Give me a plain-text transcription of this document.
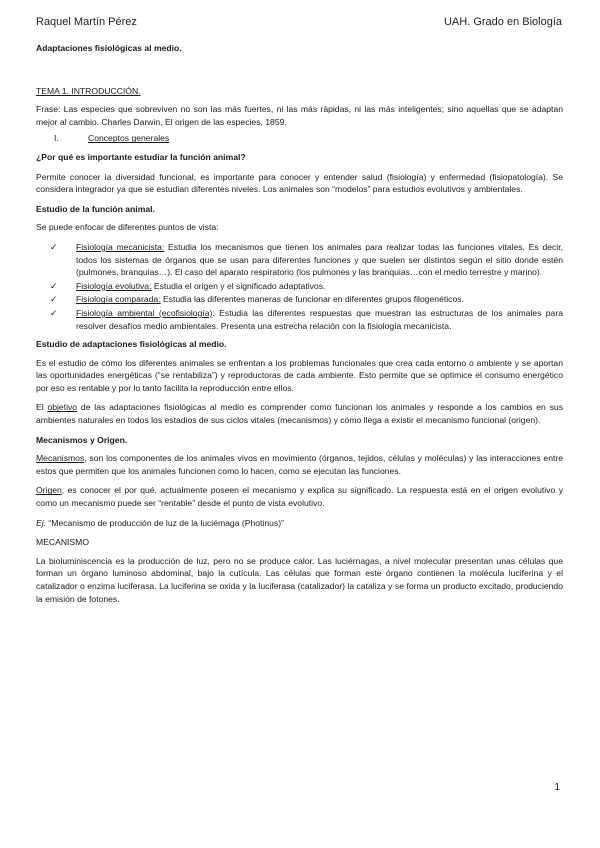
Raquel Martín Pérez	UAH. Grado en Biología

Adaptaciones fisiológicas al medio.

TEMA 1. INTRODUCCIÓN.

Frase: Las especies que sobreviven no son las más fuertes, ni las más rápidas, ni las más inteligentes; sino aquellas que se adaptan mejor al cambio. Charles Darwin, El origen de las especies, 1859.

I.	Conceptos generales

¿Por qué es importante estudiar la función animal?

Permite conocer la diversidad funcional, es importante para conocer y entender salud (fisiología) y enfermedad (fisiopatología). Se considera integrador ya que se estudian diferentes niveles. Los animales son “modelos” para estudios evolutivos y ambientales.

Estudio de la función animal.

Se puede enfocar de diferentes puntos de vista:

✓	Fisiología mecanicista: Estudia los mecanismos que tienen los animales para realizar todas las funciones vitales. Es decir, todos los sistemas de órganos que se usan para diferentes funciones y que suelen ser distintos según el sitio donde estén (pulmones, branquias…). El caso del aparato respiratorio (los pulmones y las branquias…con el medio terrestre y marino).
✓	Fisiología evolutiva: Estudia el origen y el significado adaptativos.
✓	Fisiología comparada: Estudia las diferentes maneras de funcionar en diferentes grupos filogenéticos.
✓	Fisiología ambiental (ecofisiología): Estudia las diferentes respuestas que muestran las estructuras de los animales para resolver desafíos medio ambientales. Presenta una estrecha relación con la fisiología mecanicista.

Estudio de adaptaciones fisiológicas al medio.

Es el estudio de cómo los diferentes animales se enfrentan a los problemas funcionales que crea cada entorno o ambiente y se aportan las oportunidades energéticas (“se rentabiliza”) y reproductoras de cada ambiente. Esto permite que se optimice el consumo energético por eso es rentable y por lo tanto facilita la reproducción entre ellos.

El objetivo de las adaptaciones fisiológicas al medio es comprender como funcionan los animales y responde a los cambios en sus ambientes naturales en todos los estadios de sus ciclos vitales (mecanismos) y cómo llega a existir el mecanismo funcional (origen).

Mecanismos y Origen.

Mecanismos, son los componentes de los animales vivos en movimiento (órganos, tejidos, células y moléculas) y las interacciones entre estos que permiten que los animales funcionen como lo hacen, como se ejecutan las funciones.

Origen, es conocer el por qué, actualmente poseen el mecanismo y explica su significado. La respuesta está en el origen evolutivo y como un mecanismo puede ser “rentable” desde el punto de vista evolutivo.

Ej. “Mecanismo de producción de luz de la luciémaga (Photinus)”

MECANISMO

La bioluminiscencia es la producción de luz, pero no se produce calor. Las luciérnagas, a nivel molecular presentan unas células que forman un órgano luminoso abdominal, bajo la cutícula. Las células que forman este órgano contienen la molécula luciferina y el catalizador o enzima luciferasa. La luciferina se oxida y la luciferasa (catalizador) la cataliza y se forma un producto excitado, produciendo la emisión de fotones.

1
